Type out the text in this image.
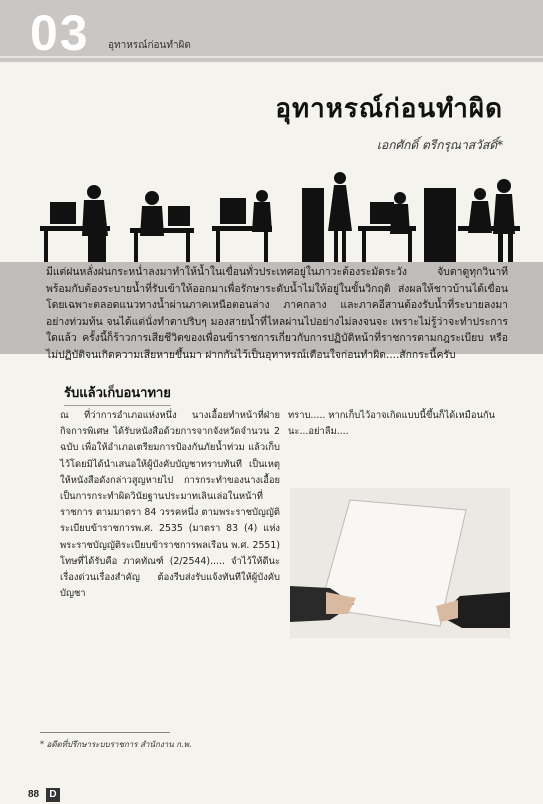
03 อุทาหรณ์ก่อนทำผิด
อุทาหรณ์ก่อนทำผิด
เอกศักดิ์ ตรีกรุณาสวัสดิ์*
มีแต่ฝนหลั่งฝนกระหน่ำลงมาทำให้น้ำในเขื่อนทั่วประเทศอยู่ในภาวะต้องระมัดระวัง จับตาดูทุกวินาที พร้อมกับต้องระบายน้ำที่รับเข้าให้ออกมาเพื่อรักษาระดับน้ำไม่ให้อยู่ในขั้นวิกฤติ ส่งผลให้ชาวบ้านได้เขื่อนโดยเฉพาะตลอดแนวทางน้ำผ่านภาคเหนือตอนล่าง ภาคกลาง และภาคอีสานต้องรับน้ำที่ระบายลงมาอย่างท่วมท้น จนได้แต่นั่งทำตาปริบๆ มองสายน้ำที่ไหลผ่านไปอย่างไม่ลงจนจะ เพราะไม่รู้ว่าจะทำประการใดแล้ว ครั้งนี้ก็ร้าวการเสียชีวิตของเพื่อนข้าราชการเกี่ยวกับการปฏิบัติหน้าที่ราชการตามกฎระเบียบ หรือไม่ปฏิบัติจนเกิดความเสียหายขึ้นมา ฝากกันไว้เป็นอุทาหรณ์เตือนใจก่อนทำผิด....สักกระนี้ครับ
รับแล้วเก็บอนาทาย
ณ ที่ว่าการอำเภอแห่งหนึ่ง นางเอื้อยทำหน้าที่ฝ่ายกิจการพิเศษ ได้รับหนังสือด้วยการจากจังหวัดจำนวน 2 ฉบับ เพื่อให้อำเภอเตรียมการป้องกันภัยน้ำท่วม แล้วเก็บไว้โดยมิได้นำเสนอให้ผู้บังคับบัญชาทราบทันที เป็นเหตุให้หนังสือดังกล่าวสูญหายไป การกระทำของนางเอื้อยเป็นการกระทำผิดวินัยฐานประมาทเลินเล่อในหน้าที่ราชการ ตามมาตรา 84 วรรคหนึ่ง ตามพระราชบัญญัติระเบียบข้าราชการพ.ศ. 2535 (มาตรา 83 (4) แห่งพระราชบัญญัติระเบียบข้าราชการพลเรือน พ.ศ. 2551) โทษที่ได้รับคือ ภาคทัณฑ์ (2/2544)..... จำไว้ให้ดีนะ เรื่องด่วนเรื่องสำคัญ ต้องรีบส่งรับแจ้งทันทีให้ผู้บังคับบัญชา
ทราบ..... หากเก็บไว้อาจเกิดแบบนี้ขึ้นก็ได้เหมือนกันนะ...อย่าลืม....
* อดีตที่ปรึกษาระบบราชการ สำนักงาน ก.พ.
88	D
